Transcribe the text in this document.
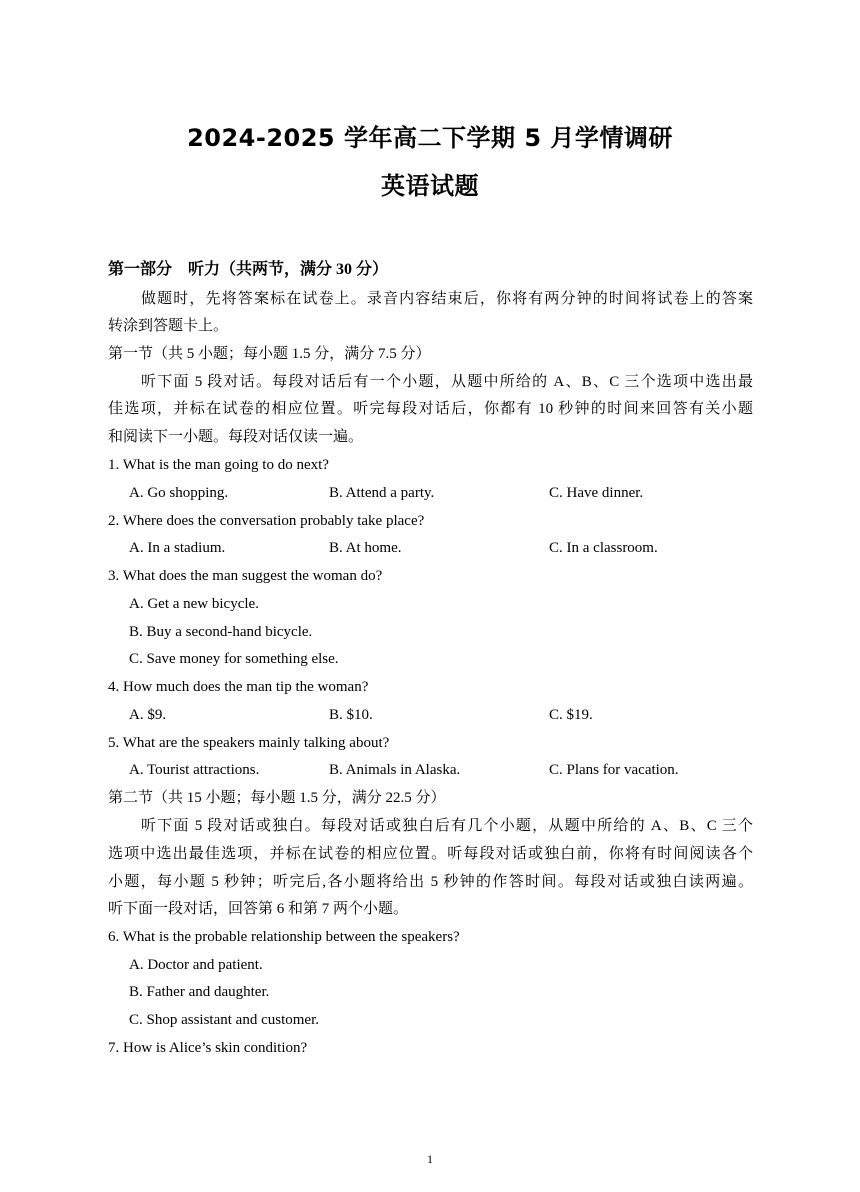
2024-2025 学年高二下学期 5 月学情调研
英语试题
第一部分　听力（共两节，满分 30 分）
做题时，先将答案标在试卷上。录音内容结束后，你将有两分钟的时间将试卷上的答案
转涂到答题卡上。
第一节（共 5 小题；每小题 1.5 分，满分 7.5 分）
听下面 5 段对话。每段对话后有一个小题，从题中所给的 A、B、C 三个选项中选出最
佳选项，并标在试卷的相应位置。听完每段对话后，你都有 10 秒钟的时间来回答有关小题
和阅读下一小题。每段对话仅读一遍。
1. What is the man going to do next?
A. Go shopping.	B. Attend a party.	C. Have dinner.
2. Where does the conversation probably take place?
A. In a stadium.	B. At home.	C. In a classroom.
3. What does the man suggest the woman do?
A. Get a new bicycle.
B. Buy a second-hand bicycle.
C. Save money for something else.
4. How much does the man tip the woman?
A. $9.	B. $10.	C. $19.
5. What are the speakers mainly talking about?
A. Tourist attractions.	B. Animals in Alaska.	C. Plans for vacation.
第二节（共 15 小题；每小题 1.5 分，满分 22.5 分）
听下面 5 段对话或独白。每段对话或独白后有几个小题，从题中所给的 A、B、C 三个
选项中选出最佳选项，并标在试卷的相应位置。听每段对话或独白前，你将有时间阅读各个
小题，每小题 5 秒钟；听完后,各小题将给出 5 秒钟的作答时间。每段对话或独白读两遍。
听下面一段对话，回答第 6 和第 7 两个小题。
6. What is the probable relationship between the speakers?
A. Doctor and patient.
B. Father and daughter.
C. Shop assistant and customer.
7. How is Alice’s skin condition?
1
